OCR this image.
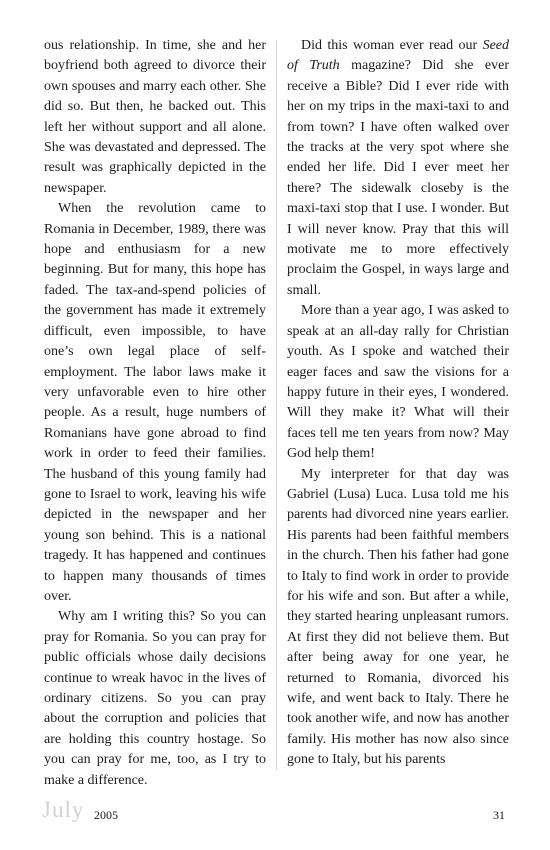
ous relationship. In time, she and her boyfriend both agreed to divorce their own spouses and marry each other. She did so. But then, he backed out. This left her without support and all alone. She was devastated and depressed. The result was graphically depicted in the newspaper.

When the revolution came to Romania in December, 1989, there was hope and enthusiasm for a new beginning. But for many, this hope has faded. The tax-and-spend policies of the government has made it extremely difficult, even impossible, to have one’s own legal place of self-employment. The labor laws make it very unfavorable even to hire other people. As a result, huge numbers of Romanians have gone abroad to find work in order to feed their families. The husband of this young family had gone to Israel to work, leaving his wife depicted in the newspaper and her young son behind. This is a national tragedy. It has happened and continues to happen many thousands of times over.

Why am I writing this? So you can pray for Romania. So you can pray for public officials whose daily decisions continue to wreak havoc in the lives of ordinary citizens. So you can pray about the corruption and policies that are holding this country hostage. So you can pray for me, too, as I try to make a difference.

Did this woman ever read our Seed of Truth magazine? Did she ever receive a Bible? Did I ever ride with her on my trips in the maxi-taxi to and from town? I have often walked over the tracks at the very spot where she ended her life. Did I ever meet her there? The sidewalk closeby is the maxi-taxi stop that I use. I wonder. But I will never know. Pray that this will motivate me to more effectively proclaim the Gospel, in ways large and small.

More than a year ago, I was asked to speak at an all-day rally for Christian youth. As I spoke and watched their eager faces and saw the visions for a happy future in their eyes, I wondered. Will they make it? What will their faces tell me ten years from now? May God help them!

My interpreter for that day was Gabriel (Lusa) Luca. Lusa told me his parents had divorced nine years earlier. His parents had been faithful members in the church. Then his father had gone to Italy to find work in order to provide for his wife and son. But after a while, they started hearing unpleasant rumors. At first they did not believe them. But after being away for one year, he returned to Romania, divorced his wife, and went back to Italy. There he took another wife, and now has another family. His mother has now also since gone to Italy, but his parents

July 2005	31
